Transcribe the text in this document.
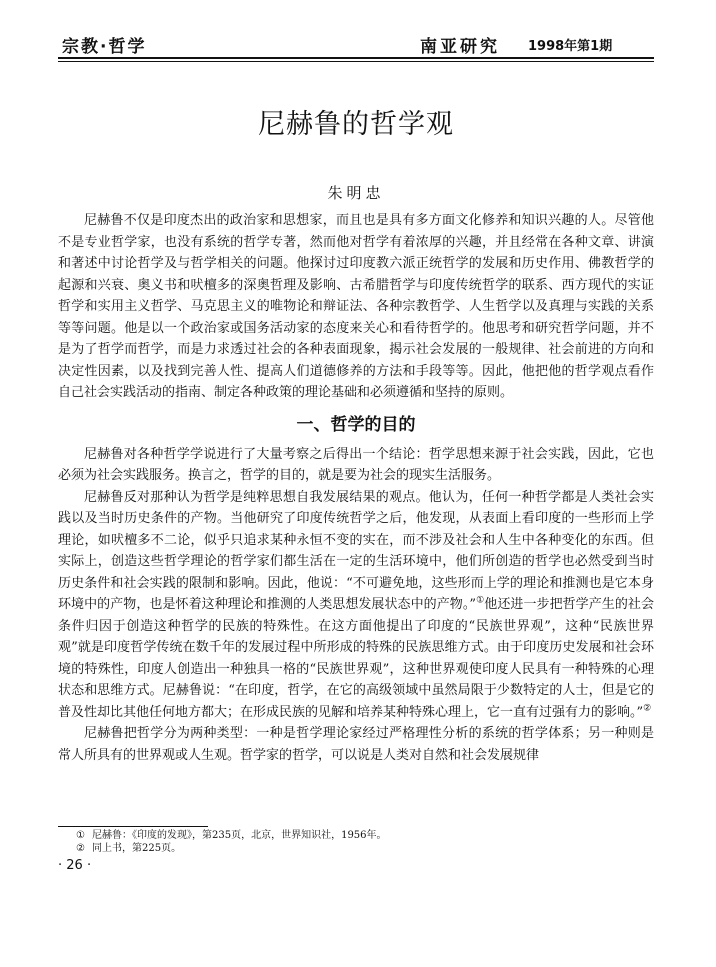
宗教·哲学	南亚研究 1998年第1期
尼赫鲁的哲学观
朱明忠

尼赫鲁不仅是印度杰出的政治家和思想家，而且也是具有多方面文化修养和知识兴趣的人。尽管他不是专业哲学家，也没有系统的哲学专著，然而他对哲学有着浓厚的兴趣，并且经常在各种文章、讲演和著述中讨论哲学及与哲学相关的问题。他探讨过印度教六派正统哲学的发展和历史作用、佛教哲学的起源和兴衰、奥义书和吠檀多的深奥哲理及影响、古希腊哲学与印度传统哲学的联系、西方现代的实证哲学和实用主义哲学、马克思主义的唯物论和辩证法、各种宗教哲学、人生哲学以及真理与实践的关系等等问题。他是以一个政治家或国务活动家的态度来关心和看待哲学的。他思考和研究哲学问题，并不是为了哲学而哲学，而是力求透过社会的各种表面现象，揭示社会发展的一般规律、社会前进的方向和决定性因素，以及找到完善人性、提高人们道德修养的方法和手段等等。因此，他把他的哲学观点看作自己社会实践活动的指南、制定各种政策的理论基础和必须遵循和坚持的原则。

一、哲学的目的

尼赫鲁对各种哲学学说进行了大量考察之后得出一个结论：哲学思想来源于社会实践，因此，它也必须为社会实践服务。换言之，哲学的目的，就是要为社会的现实生活服务。

尼赫鲁反对那种认为哲学是纯粹思想自我发展结果的观点。他认为，任何一种哲学都是人类社会实践以及当时历史条件的产物。当他研究了印度传统哲学之后，他发现，从表面上看印度的一些形而上学理论，如吠檀多不二论，似乎只追求某种永恒不变的实在，而不涉及社会和人生中各种变化的东西。但实际上，创造这些哲学理论的哲学家们都生活在一定的生活环境中，他们所创造的哲学也必然受到当时历史条件和社会实践的限制和影响。因此，他说：“不可避免地，这些形而上学的理论和推测也是它本身环境中的产物，也是怀着这种理论和推测的人类思想发展状态中的产物。”①他还进一步把哲学产生的社会条件归因于创造这种哲学的民族的特殊性。在这方面他提出了印度的“民族世界观”，这种“民族世界观”就是印度哲学传统在数千年的发展过程中所形成的特殊的民族思维方式。由于印度历史发展和社会环境的特殊性，印度人创造出一种独具一格的“民族世界观”，这种世界观使印度人民具有一种特殊的心理状态和思维方式。尼赫鲁说：“在印度，哲学，在它的高级领域中虽然局限于少数特定的人士，但是它的普及性却比其他任何地方都大；在形成民族的见解和培养某种特殊心理上，它一直有过强有力的影响。”②

尼赫鲁把哲学分为两种类型：一种是哲学理论家经过严格理性分析的系统的哲学体系；另一种则是常人所具有的世界观或人生观。哲学家的哲学，可以说是人类对自然和社会发展规律

① 尼赫鲁：《印度的发现》，第235页，北京，世界知识社，1956年。
② 同上书，第225页。
· 26 ·
